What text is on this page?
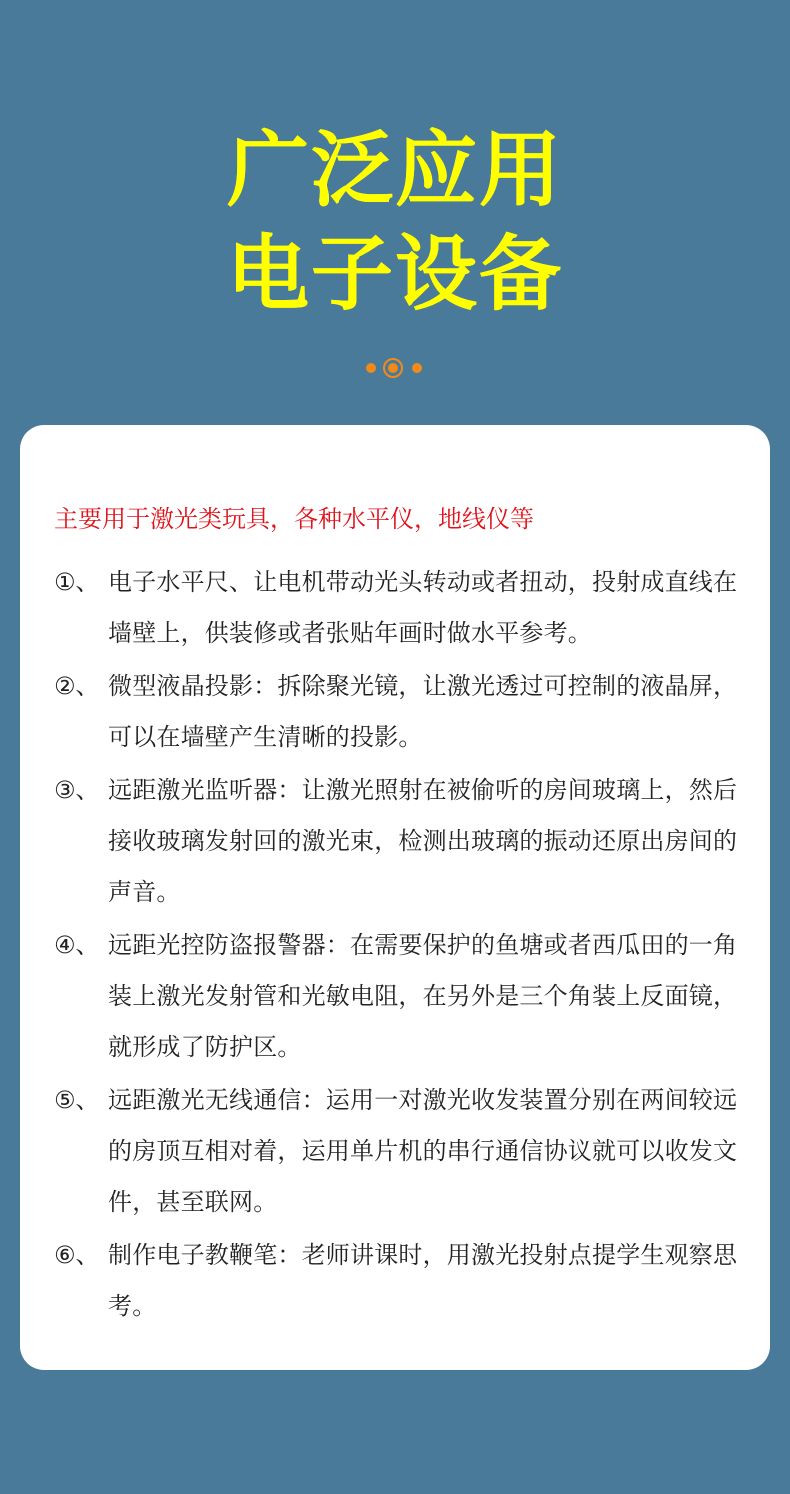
广泛应用
电子设备
主要用于激光类玩具，各种水平仪，地线仪等
①、 电子水平尺、让电机带动光头转动或者扭动，投射成直线在墙壁上，供装修或者张贴年画时做水平参考。
②、 微型液晶投影：拆除聚光镜，让激光透过可控制的液晶屏，可以在墙壁产生清晰的投影。
③、 远距激光监听器：让激光照射在被偷听的房间玻璃上，然后接收玻璃发射回的激光束，检测出玻璃的振动还原出房间的声音。
④、 远距光控防盗报警器：在需要保护的鱼塘或者西瓜田的一角装上激光发射管和光敏电阻，在另外是三个角装上反面镜，就形成了防护区。
⑤、 远距激光无线通信：运用一对激光收发装置分别在两间较远的房顶互相对着，运用单片机的串行通信协议就可以收发文件，甚至联网。
⑥、 制作电子教鞭笔：老师讲课时，用激光投射点提学生观察思考。
